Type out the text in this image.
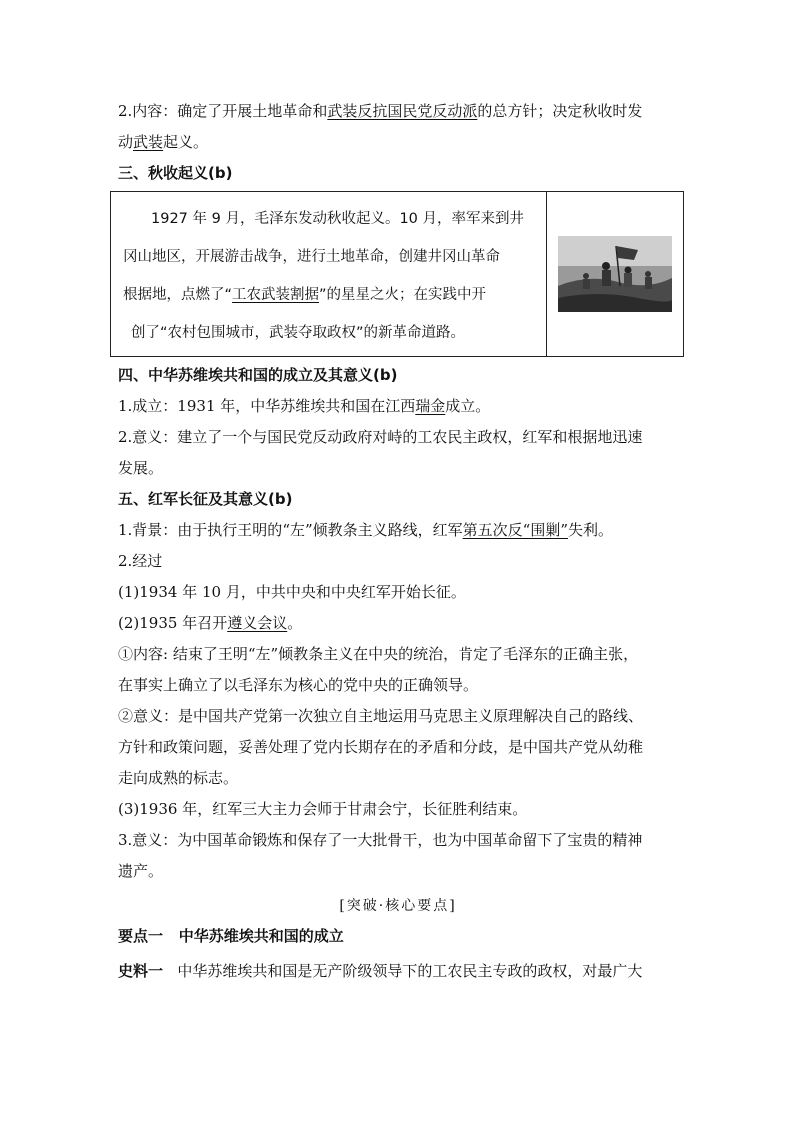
2.内容：确定了开展土地革命和武装反抗国民党反动派的总方针；决定秋收时发
动武装起义。
三、秋收起义(b)
1927 年 9 月，毛泽东发动秋收起义。10 月，率军来到井
冈山地区，开展游击战争，进行土地革命，创建井冈山革命
根据地，点燃了“工农武装割据”的星星之火；在实践中开
创了“农村包围城市，武装夺取政权”的新革命道路。
四、中华苏维埃共和国的成立及其意义(b)
1.成立：1931 年，中华苏维埃共和国在江西瑞金成立。
2.意义：建立了一个与国民党反动政府对峙的工农民主政权，红军和根据地迅速
发展。
五、红军长征及其意义(b)
1.背景：由于执行王明的“左”倾教条主义路线，红军第五次反“围剿”失利。
2.经过
(1)1934 年 10 月，中共中央和中央红军开始长征。
(2)1935 年召开遵义会议。
①内容: 结束了王明“左”倾教条主义在中央的统治，肯定了毛泽东的正确主张，
在事实上确立了以毛泽东为核心的党中央的正确领导。
②意义：是中国共产党第一次独立自主地运用马克思主义原理解决自己的路线、
方针和政策问题，妥善处理了党内长期存在的矛盾和分歧，是中国共产党从幼稚
走向成熟的标志。
(3)1936 年，红军三大主力会师于甘肃会宁，长征胜利结束。
3.意义：为中国革命锻炼和保存了一大批骨干，也为中国革命留下了宝贵的精神
遗产。
[突破·核心要点]
要点一 中华苏维埃共和国的成立
史料一 中华苏维埃共和国是无产阶级领导下的工农民主专政的政权，对最广大
